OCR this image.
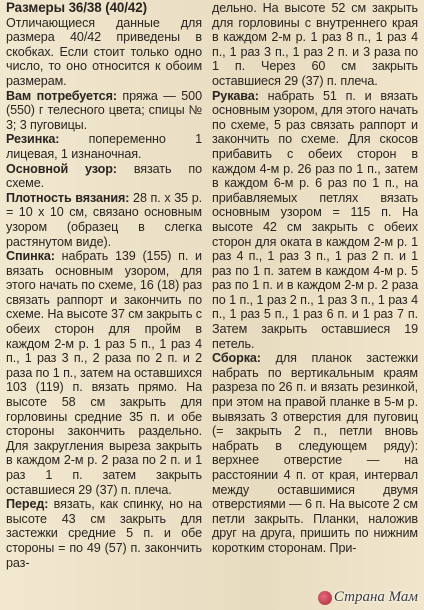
Размеры 36/38 (40/42)

Отличающиеся данные для размера 40/42 приведены в скобках. Если стоит только одно число, то оно относится к обоим размерам.

Вам потребуется: пряжа — 500 (550) г телесного цвета; спицы № 3; 3 пуговицы.

Резинка: попеременно 1 лицевая, 1 изнаночная.

Основной узор: вязать по схеме.

Плотность вязания: 28 п. х 35 р. = 10 х 10 см, связано основным узором (образец в слегка растянутом виде).

Спинка: набрать 139 (155) п. и вязать основным узором, для этого начать по схеме, 16 (18) раз связать раппорт и закончить по схеме. На высоте 37 см закрыть с обеих сторон для пройм в каждом 2-м р. 1 раз 5 п., 1 раз 4 п., 1 раз 3 п., 2 раза по 2 п. и 2 раза по 1 п., затем на оставшихся 103 (119) п. вязать прямо. На высоте 58 см закрыть для горловины средние 35 п. и обе стороны закончить раздельно. Для закругления выреза закрыть в каждом 2-м р. 2 раза по 2 п. и 1 раз 1 п. затем закрыть оставшиеся 29 (37) п. плеча.

Перед: вязать, как спинку, но на высоте 43 см закрыть для застежки средние 5 п. и обе стороны = по 49 (57) п. закончить раз-

дельно. На высоте 52 см закрыть для горловины с внутреннего края в каждом 2-м р. 1 раз 8 п., 1 раз 4 п., 1 раз 3 п., 1 раз 2 п. и 3 раза по 1 п. Через 60 см закрыть оставшиеся 29 (37) п. плеча.

Рукава: набрать 51 п. и вязать основным узором, для этого начать по схеме, 5 раз связать раппорт и закончить по схеме. Для скосов прибавить с обеих сторон в каждом 4-м р. 26 раз по 1 п., затем в каждом 6-м р. 6 раз по 1 п., на прибавляемых петлях вязать основным узором = 115 п. На высоте 42 см закрыть с обеих сторон для оката в каждом 2-м р. 1 раз 4 п., 1 раз 3 п., 1 раз 2 п. и 1 раз по 1 п. затем в каждом 4-м р. 5 раз по 1 п. и в каждом 2-м р. 2 раза по 1 п., 1 раз 2 п., 1 раз 3 п., 1 раз 4 п., 1 раз 5 п., 1 раз 6 п. и 1 раз 7 п. Затем закрыть оставшиеся 19 петель.

Сборка: для планок застежки набрать по вертикальным краям разреза по 26 п. и вязать резинкой, при этом на правой планке в 5-м р. вывязать 3 отверстия для пуговиц (= закрыть 2 п., петли вновь набрать в следующем ряду): верхнее отверстие — на расстоянии 4 п. от края, интервал между оставшимися двумя отверстиями — 6 п. На высоте 2 см петли закрыть. Планки, наложив друг на друга, пришить по нижним коротким сторонам. При-

Страна Мам
